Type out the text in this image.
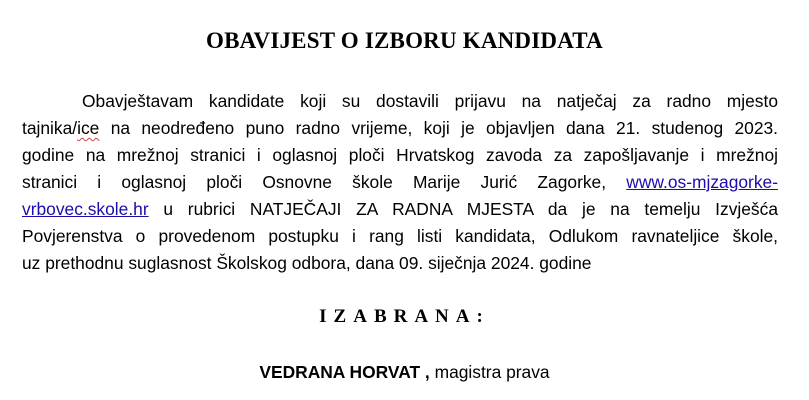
OBAVIJEST O IZBORU KANDIDATA
Obavještavam kandidate koji su dostavili prijavu na natječaj za radno mjesto
tajnika/ice na neodređeno puno radno vrijeme, koji je objavljen dana 21. studenog 2023.
godine na mrežnoj stranici i oglasnoj ploči Hrvatskog zavoda za zapošljavanje i mrežnoj
stranici i oglasnoj ploči Osnovne škole Marije Jurić Zagorke, www.os-mjzagorke-
vrbovec.skole.hr u rubrici NATJEČAJI ZA RADNA MJESTA da je na temelju Izvješća
Povjerenstva o provedenom postupku i rang listi kandidata, Odlukom ravnateljice škole,
uz prethodnu suglasnost Školskog odbora, dana 09. siječnja 2024. godine
IZABRANA:
VEDRANA HORVAT , magistra prava
